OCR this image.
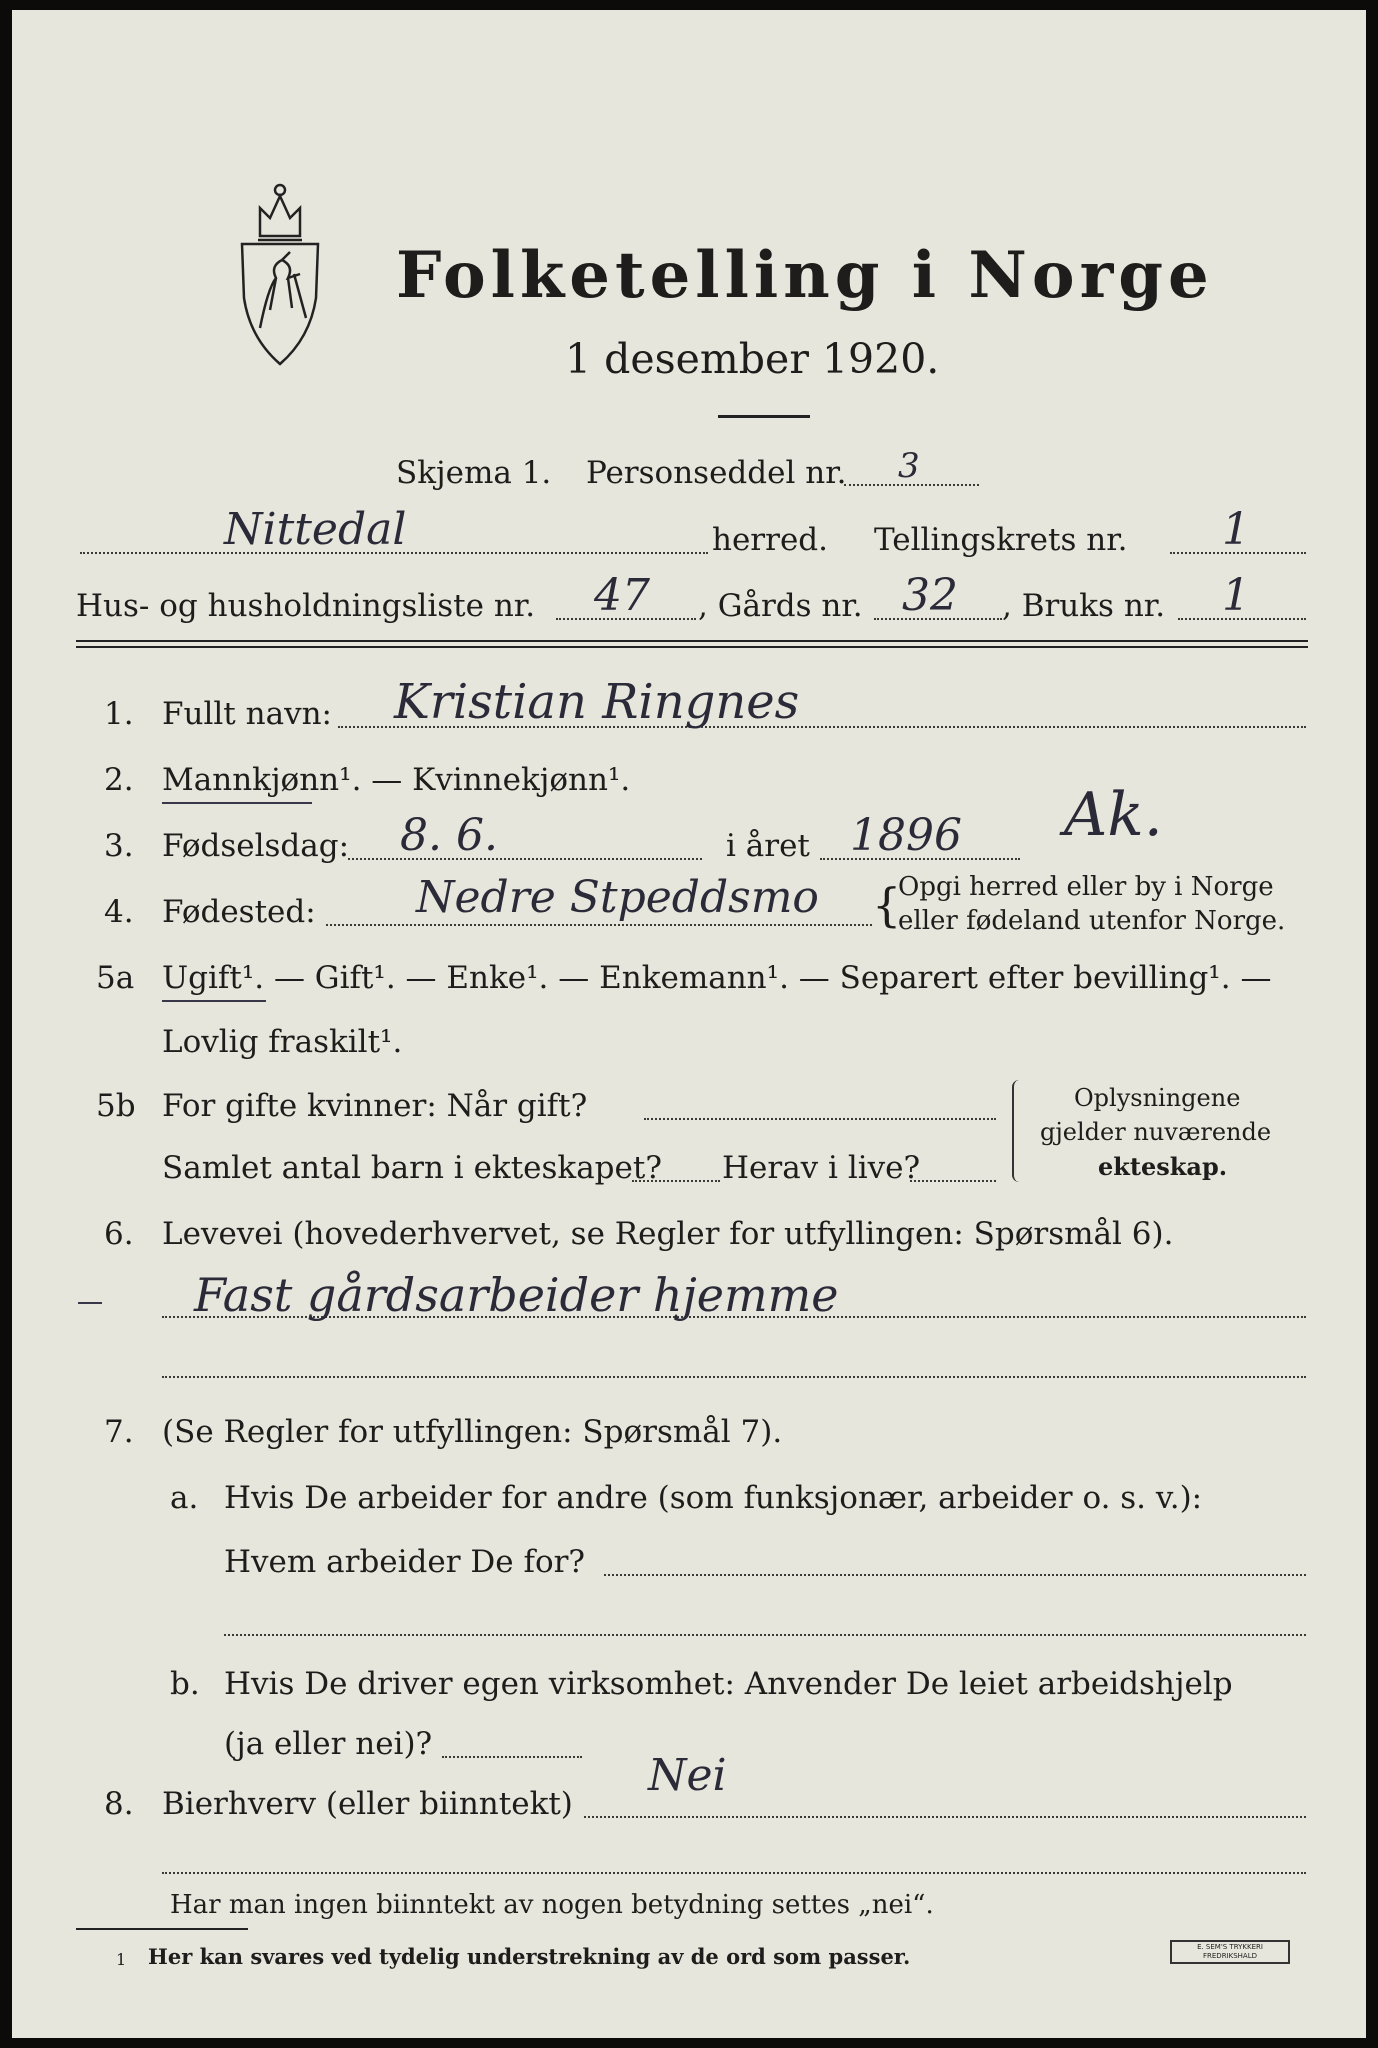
Folketelling i Norge
1 desember 1920.
Skjema 1. Personseddel nr. 3
Nittedal	herred. Tellingskrets nr. 1
Hus- og husholdningsliste nr. 47 , Gårds nr. 32 , Bruks nr. 1
1. Fullt navn: Kristian Ringnes
2. Mannkjønn¹. — Kvinnekjønn¹.
3. Fødselsdag: 8. 6.	i året 1896 Ak.
4. Fødested: Nedre Stpeddsmo {
Opgi herred eller by i Norge
eller fødeland utenfor Norge.
5a Ugift¹. — Gift¹. — Enke¹. — Enkemann¹. — Separert efter bevilling¹. —
Lovlig fraskilt¹.
5b For gifte kvinner: Når gift?
Samlet antal barn i ekteskapet? Herav i live?
Oplysningene
gjelder nuværende
ekteskap.
6. Levevei (hovederhvervet, se Regler for utfyllingen: Spørsmål 6).
Fast gårdsarbeider hjemme
7. (Se Regler for utfyllingen: Spørsmål 7).
a. Hvis De arbeider for andre (som funksjonær, arbeider o. s. v.):
Hvem arbeider De for?
b. Hvis De driver egen virksomhet: Anvender De leiet arbeidshjelp
(ja eller nei)?
8. Bierhverv (eller biinntekt)
Nei
Har man ingen biinntekt av nogen betydning settes „nei“.
1 Her kan svares ved tydelig understrekning av de ord som passer.	E. SEM'S TRYKKERI
FREDRIKSHALD
